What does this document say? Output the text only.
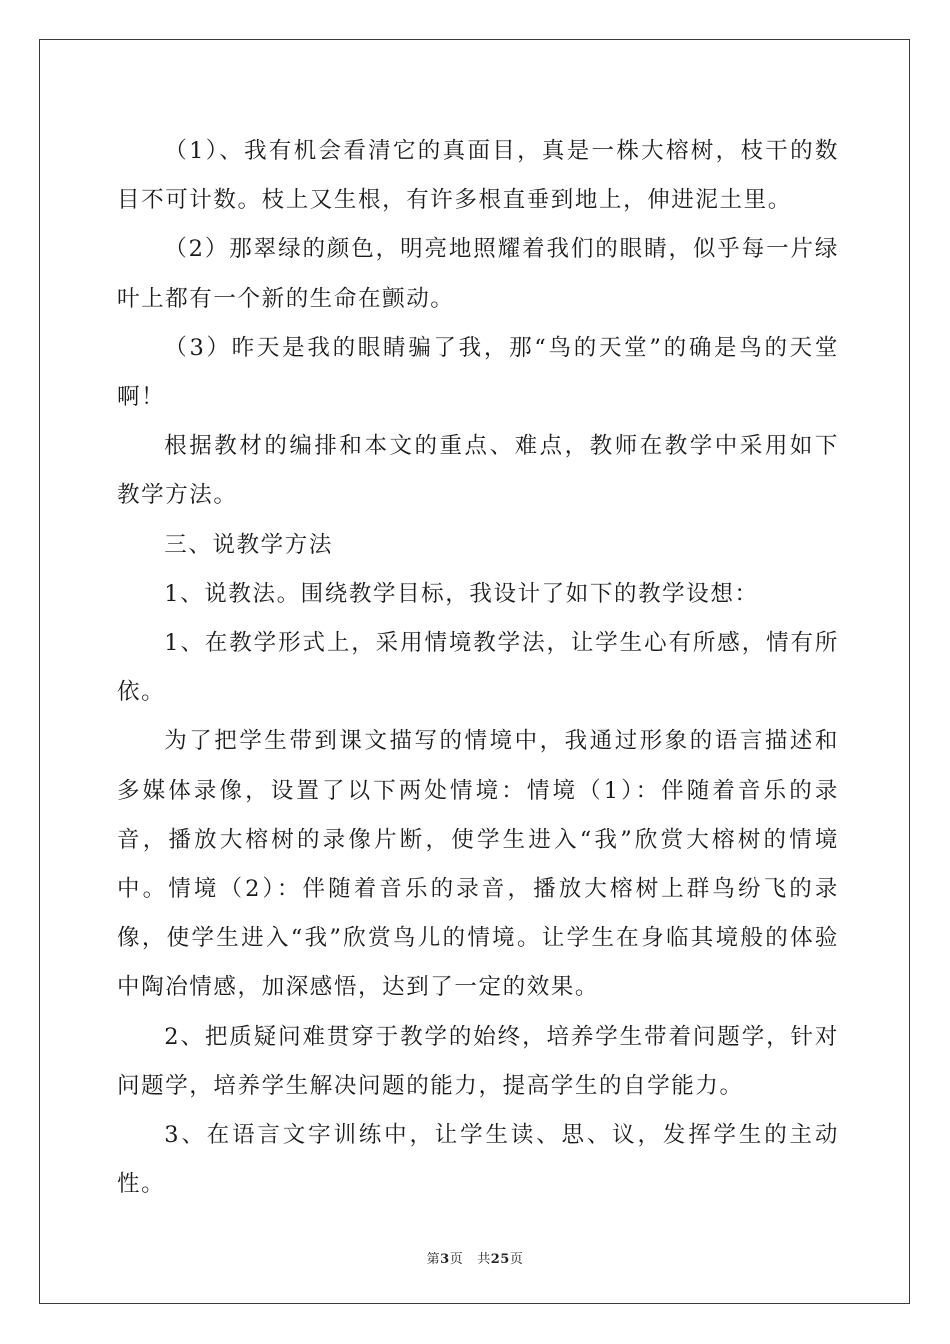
（1）、我有机会看清它的真面目，真是一株大榕树，枝干的数目不可计数。枝上又生根，有许多根直垂到地上，伸进泥土里。

（2）那翠绿的颜色，明亮地照耀着我们的眼睛，似乎每一片绿叶上都有一个新的生命在颤动。

（3）昨天是我的眼睛骗了我，那“鸟的天堂”的确是鸟的天堂啊！

根据教材的编排和本文的重点、难点，教师在教学中采用如下教学方法。

三、说教学方法

1、说教法。围绕教学目标，我设计了如下的教学设想：

1、在教学形式上，采用情境教学法，让学生心有所感，情有所依。

为了把学生带到课文描写的情境中，我通过形象的语言描述和多媒体录像，设置了以下两处情境：情境（1）：伴随着音乐的录音，播放大榕树的录像片断，使学生进入“我”欣赏大榕树的情境中。情境（2）：伴随着音乐的录音，播放大榕树上群鸟纷飞的录像，使学生进入“我”欣赏鸟儿的情境。让学生在身临其境般的体验中陶冶情感，加深感悟，达到了一定的效果。

2、把质疑问难贯穿于教学的始终，培养学生带着问题学，针对问题学，培养学生解决问题的能力，提高学生的自学能力。

3、在语言文字训练中，让学生读、思、议，发挥学生的主动性。

第3页 共25页
